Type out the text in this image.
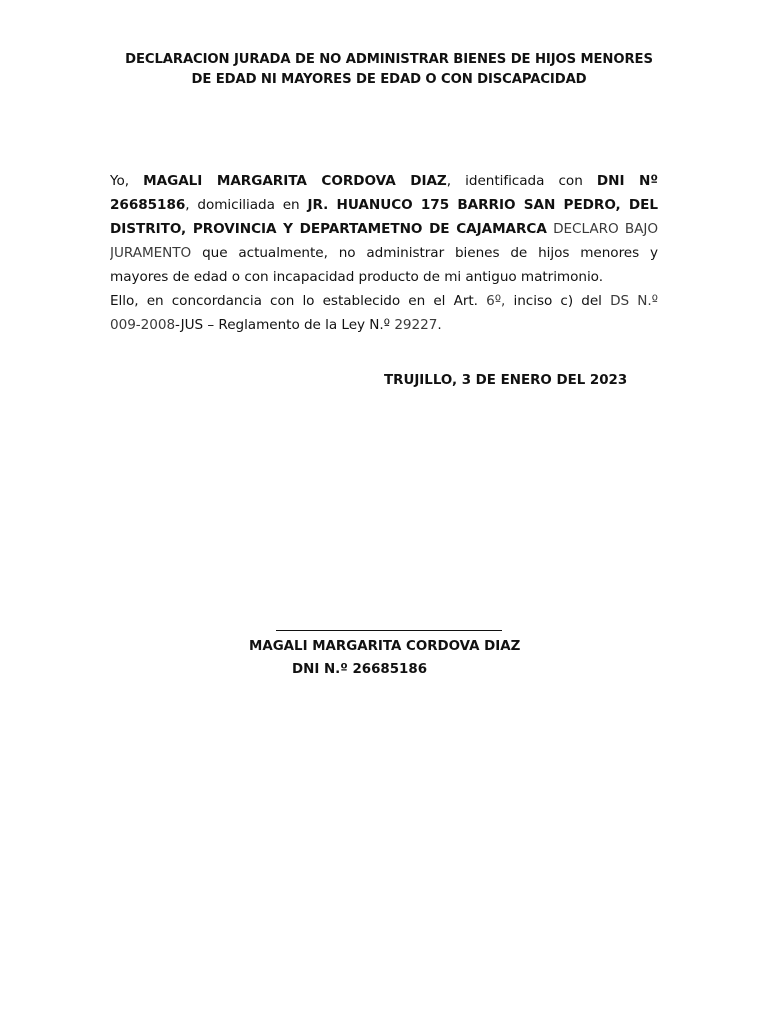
DECLARACION JURADA DE NO ADMINISTRAR BIENES DE HIJOS MENORES
DE EDAD NI MAYORES DE EDAD O CON DISCAPACIDAD
Yo, MAGALI MARGARITA CORDOVA DIAZ, identificada con DNI Nº
26685186, domiciliada en JR. HUANUCO 175 BARRIO SAN PEDRO, DEL
DISTRITO, PROVINCIA Y DEPARTAMETNO DE CAJAMARCA DECLARO BAJO
JURAMENTO que actualmente, no administrar bienes de hijos menores y
mayores de edad o con incapacidad producto de mi antiguo matrimonio.
Ello, en concordancia con lo establecido en el Art. 6º, inciso c) del DS N.º
009-2008-JUS – Reglamento de la Ley N.º 29227.
TRUJILLO, 3 DE ENERO DEL 2023
MAGALI MARGARITA CORDOVA DIAZ
DNI N.º 26685186
